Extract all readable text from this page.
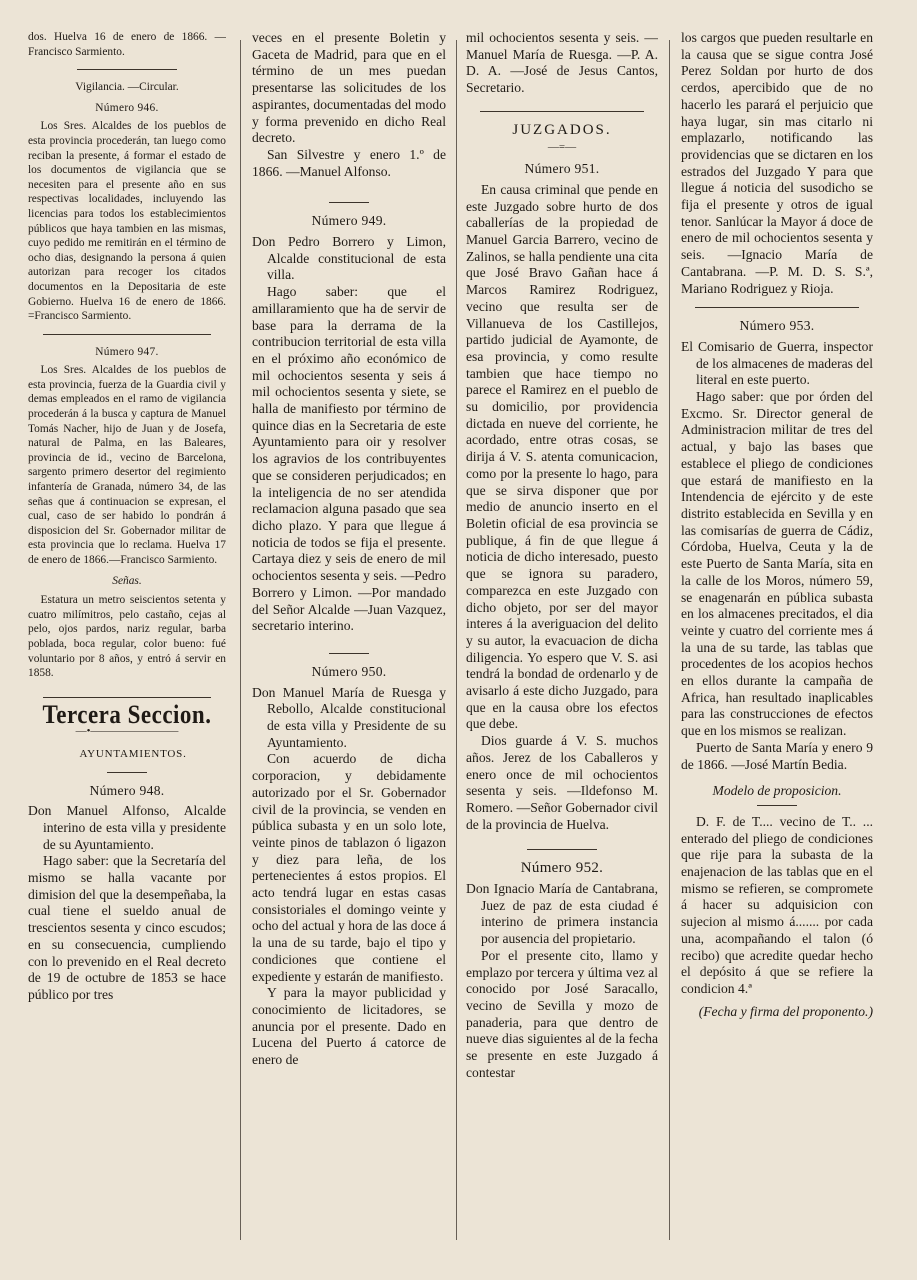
dos. Huelva 16 de enero de 1866. —Francisco Sarmiento.

Vigilancia. —Circular.

Número 946.

Los Sres. Alcaldes de los pueblos de esta provincia procederán, tan luego como reciban la presente, á formar el estado de los documentos de vigilancia que se necesiten para el presente año en sus respectivas localidades, incluyendo las licencias para todos los establecimientos públicos que haya tambien en las mismas, cuyo pedido me remitirán en el término de ocho dias, designando la persona á quien autorizan para recoger los citados documentos en la Depositaria de este Gobierno. Huelva 16 de enero de 1866. =Francisco Sarmiento.

Número 947.

Los Sres. Alcaldes de los pueblos de esta provincia, fuerza de la Guardia civil y demas empleados en el ramo de vigilancia procederán á la busca y captura de Manuel Tomás Nacher, hijo de Juan y de Josefa, natural de Palma, en las Baleares, provincia de id., vecino de Barcelona, sargento primero desertor del regimiento infantería de Granada, número 34, de las señas que á continuacion se expresan, el cual, caso de ser habido lo pondrán á disposicion del Sr. Gobernador militar de esta provincia que lo reclama. Huelva 17 de enero de 1866.—Francisco Sarmiento.

Señas.

Estatura un metro seiscientos setenta y cuatro milímitros, pelo castaño, cejas al pelo, ojos pardos, nariz regular, barba poblada, boca regular, color bueno: fué voluntario por 8 años, y entró á servir en 1858.

Tercera Seccion.
—•————————

AYUNTAMIENTOS.

Número 948.

Don Manuel Alfonso, Alcalde interino de esta villa y presidente de su Ayuntamiento.

Hago saber: que la Secretaría del mismo se halla vacante por dimision del que la desempeñaba, la cual tiene el sueldo anual de trescientos sesenta y cinco escudos; en su consecuencia, cumpliendo con lo prevenido en el Real decreto de 19 de octubre de 1853 se hace público por tres

veces en el presente Boletin y Gaceta de Madrid, para que en el término de un mes puedan presentarse las solicitudes de los aspirantes, documentadas del modo y forma prevenido en dicho Real decreto.

San Silvestre y enero 1.º de 1866. —Manuel Alfonso.

Número 949.

Don Pedro Borrero y Limon, Alcalde constitucional de esta villa.

Hago saber: que el amillaramiento que ha de servir de base para la derrama de la contribucion territorial de esta villa en el próximo año económico de mil ochocientos sesenta y seis á mil ochocientos sesenta y siete, se halla de manifiesto por término de quince dias en la Secretaria de este Ayuntamiento para oir y resolver los agravios de los contribuyentes que se consideren perjudicados; en la inteligencia de no ser atendida reclamacion alguna pasado que sea dicho plazo. Y para que llegue á noticia de todos se fija el presente. Cartaya diez y seis de enero de mil ochocientos sesenta y seis. —Pedro Borrero y Limon. —Por mandado del Señor Alcalde —Juan Vazquez, secretario interino.

Número 950.

Don Manuel María de Ruesga y Rebollo, Alcalde constitucional de esta villa y Presidente de su Ayuntamiento.

Con acuerdo de dicha corporacion, y debidamente autorizado por el Sr. Gobernador civil de la provincia, se venden en pública subasta y en un solo lote, veinte pinos de tablazon ó ligazon y diez para leña, de los pertenecientes á estos propios. El acto tendrá lugar en estas casas consistoriales el domingo veinte y ocho del actual y hora de las doce á la una de su tarde, bajo el tipo y condiciones que contiene el expediente y estarán de manifiesto.

Y para la mayor publicidad y conocimiento de licitadores, se anuncia por el presente. Dado en Lucena del Puerto á catorce de enero de

mil ochocientos sesenta y seis. —Manuel María de Ruesga. —P. A. D. A. —José de Jesus Cantos, Secretario.

JUZGADOS.
—=—

Número 951.

En causa criminal que pende en este Juzgado sobre hurto de dos caballerías de la propiedad de Manuel Garcia Barrero, vecino de Zalinos, se halla pendiente una cita que José Bravo Gañan hace á Marcos Ramirez Rodriguez, vecino que resulta ser de Villanueva de los Castillejos, partido judicial de Ayamonte, de esa provincia, y como resulte tambien que hace tiempo no parece el Ramirez en el pueblo de su domicilio, por providencia dictada en nueve del corriente, he acordado, entre otras cosas, se dirija á V. S. atenta comunicacion, como por la presente lo hago, para que se sirva disponer que por medio de anuncio inserto en el Boletin oficial de esa provincia se publique, á fin de que llegue á noticia de dicho interesado, puesto que se ignora su paradero, comparezca en este Juzgado con dicho objeto, por ser del mayor interes á la averiguacion del delito y su autor, la evacuacion de dicha diligencia. Yo espero que V. S. asi tendrá la bondad de ordenarlo y de avisarlo á este dicho Juzgado, para que en la causa obre los efectos que debe.

Dios guarde á V. S. muchos años. Jerez de los Caballeros y enero once de mil ochocientos sesenta y seis. —Ildefonso M. Romero. —Señor Gobernador civil de la provincia de Huelva.

Número 952.

Don Ignacio María de Cantabrana, Juez de paz de esta ciudad é interino de primera instancia por ausencia del propietario.

Por el presente cito, llamo y emplazo por tercera y última vez al conocido por José Saracallo, vecino de Sevilla y mozo de panaderia, para que dentro de nueve dias siguientes al de la fecha se presente en este Juzgado á contestar

los cargos que pueden resultarle en la causa que se sigue contra José Perez Soldan por hurto de dos cerdos, apercibido que de no hacerlo les parará el perjuicio que haya lugar, sin mas citarlo ni emplazarlo, notificando las providencias que se dictaren en los estrados del Juzgado Y para que llegue á noticia del susodicho se fija el presente y otros de igual tenor. Sanlúcar la Mayor á doce de enero de mil ochocientos sesenta y seis. —Ignacio María de Cantabrana. —P. M. D. S. S.ª, Mariano Rodriguez y Rioja.

Número 953.

El Comisario de Guerra, inspector de los almacenes de maderas del literal en este puerto.

Hago saber: que por órden del Excmo. Sr. Director general de Administracion militar de tres del actual, y bajo las bases que establece el pliego de condiciones que estará de manifiesto en la Intendencia de ejército y de este distrito establecida en Sevilla y en las comisarías de guerra de Cádiz, Córdoba, Huelva, Ceuta y la de este Puerto de Santa María, sita en la calle de los Moros, número 59, se enagenarán en pública subasta en los almacenes precitados, el dia veinte y cuatro del corriente mes á la una de su tarde, las tablas que procedentes de los acopios hechos en ellos durante la campaña de Africa, han resultado inaplicables para las construcciones de efectos que en los mismos se realizan.

Puerto de Santa María y enero 9 de 1866. —José Martín Bedia.

Modelo de proposicion.

D. F. de T.... vecino de T.. ... enterado del pliego de condiciones que rije para la subasta de la enajenacion de las tablas que en el mismo se refieren, se compromete á hacer su adquisicion con sujecion al mismo á....... por cada una, acompañando el talon (ó recibo) que acredite quedar hecho el depósito á que se refiere la condicion 4.ª

(Fecha y firma del proponento.)
